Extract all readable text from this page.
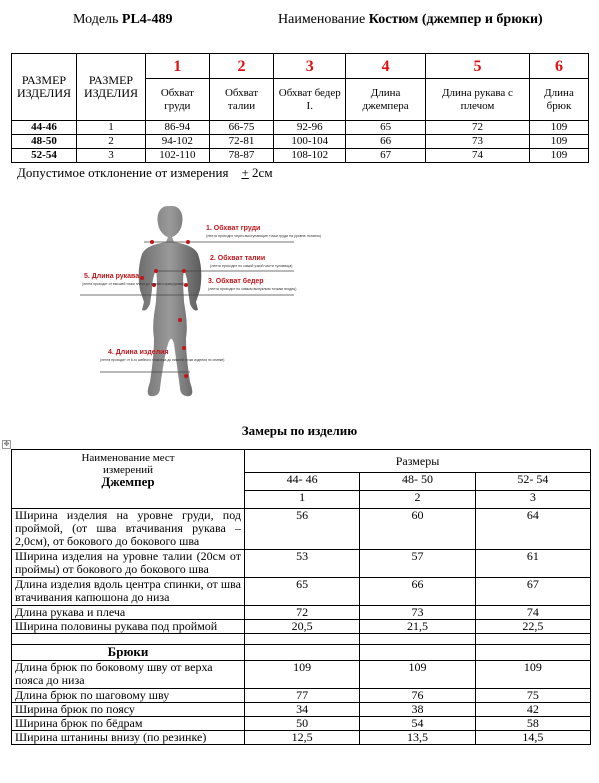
Модель PL4-489	Наименование Костюм (джемпер и брюки)
РАЗМЕР ИЗДЕЛИЯ	РАЗМЕР ИЗДЕЛИЯ	1	2	3	4	5	6
		Обхват груди	Обхват талии	Обхват бедер I.	Длина джемпера	Длина рукава с плечом	Длина брюк
44-46	1	86-94	66-75	92-96	65	72	109
48-50	2	94-102	72-81	100-104	66	73	109
52-54	3	102-110	78-87	108-102	67	74	109
Допустимое отклонение от измерения + 2см
1. Обхват груди
(лента проходит через выступающие точки груди на уровне лопаток)
2. Обхват талии
(лента проходит по самой узкой части туловища)
3. Обхват бедер
(лента проходит по самым выпуклым точкам ягодиц)
4. Длина изделия
(лента проходит от 6-го шейного позвонка до нижней точки изделия по спинке)
5. Длина рукава
(лента проходит от высшей точки плеча до нижнего края рукава)
Замеры по изделию
✥
Наименование мест измерений
Джемпер	Размеры		
	44- 46	48- 50	52- 54
	1	2	3
Ширина изделия на уровне груди, под проймой, (от шва втачивания рукава – 2,0см), от бокового до бокового шва	56	60	64
Ширина изделия на уровне талии (20см от проймы) от бокового до бокового шва	53	57	61
Длина изделия вдоль центра спинки, от шва втачивания капюшона до низа	65	66	67
Длина рукава и плеча	72	73	74
Ширина половины рукава под проймой	20,5	21,5	22,5

Брюки			
Длина брюк по боковому шву от верха пояса до низа	109	109	109
Длина брюк по шаговому шву	77	76	75
Ширина брюк по поясу	34	38	42
Ширина брюк по бёдрам	50	54	58
Ширина штанины внизу (по резинке)	12,5	13,5	14,5
